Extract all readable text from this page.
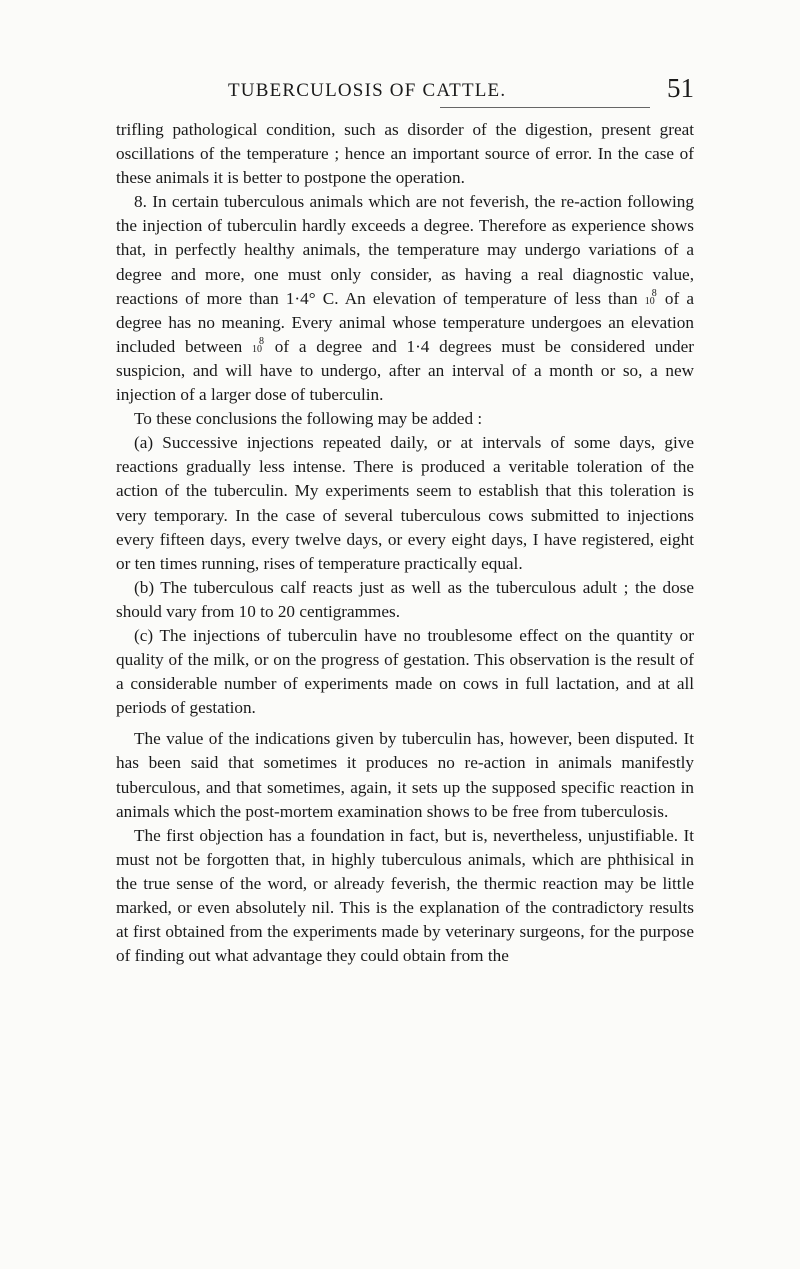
TUBERCULOSIS OF CATTLE.	51

trifling pathological condition, such as disorder of the digestion, present great oscillations of the temperature ; hence an important source of error. In the case of these animals it is better to postpone the operation.

8. In certain tuberculous animals which are not feverish, the re-action following the injection of tuberculin hardly exceeds a degree. Therefore as experience shows that, in perfectly healthy animals, the temperature may undergo variations of a degree and more, one must only consider, as having a real diagnostic value, reactions of more than 1·4° C. An elevation of temperature of less than 8
10 of a degree has no meaning. Every animal whose temperature undergoes an elevation included between 8
10 of a degree and 1·4 degrees must be considered under suspicion, and will have to undergo, after an interval of a month or so, a new injection of a larger dose of tuberculin.

To these conclusions the following may be added :

(a) Successive injections repeated daily, or at intervals of some days, give reactions gradually less intense. There is produced a veritable toleration of the action of the tuberculin. My experiments seem to establish that this toleration is very temporary. In the case of several tuberculous cows submitted to injections every fifteen days, every twelve days, or every eight days, I have registered, eight or ten times running, rises of temperature practically equal.

(b) The tuberculous calf reacts just as well as the tuberculous adult ; the dose should vary from 10 to 20 centigrammes.

(c) The injections of tuberculin have no troublesome effect on the quantity or quality of the milk, or on the progress of gestation. This observation is the result of a considerable number of experiments made on cows in full lactation, and at all periods of gestation.

The value of the indications given by tuberculin has, however, been disputed. It has been said that sometimes it produces no re-action in animals manifestly tuberculous, and that sometimes, again, it sets up the supposed specific reaction in animals which the post-mortem examination shows to be free from tuberculosis.

The first objection has a foundation in fact, but is, nevertheless, unjustifiable. It must not be forgotten that, in highly tuberculous animals, which are phthisical in the true sense of the word, or already feverish, the thermic reaction may be little marked, or even absolutely nil. This is the explanation of the contradictory results at first obtained from the experiments made by veterinary surgeons, for the purpose of finding out what advantage they could obtain from the
